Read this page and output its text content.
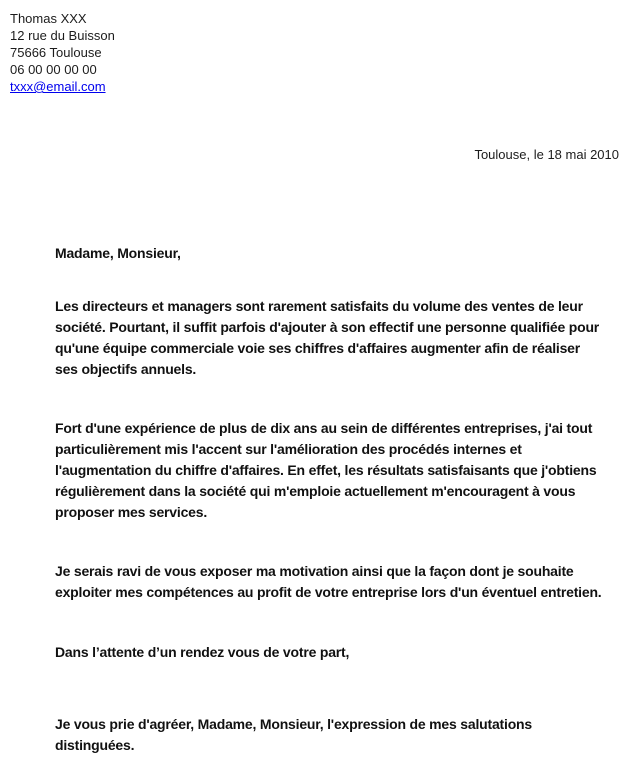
Thomas XXX
12 rue du Buisson
75666 Toulouse
06 00 00 00 00
txxx@email.com
Toulouse, le 18 mai 2010

Madame, Monsieur,

Les directeurs et managers sont rarement satisfaits du volume des ventes de leur société. Pourtant, il suffit parfois d'ajouter à son effectif une personne qualifiée pour qu'une équipe commerciale voie ses chiffres d'affaires augmenter afin de réaliser ses objectifs annuels.

Fort d'une expérience de plus de dix ans au sein de différentes entreprises, j'ai tout particulièrement mis l'accent sur l'amélioration des procédés internes et l'augmentation du chiffre d'affaires. En effet, les résultats satisfaisants que j'obtiens régulièrement dans la société qui m'emploie actuellement m'encouragent à vous proposer mes services.

Je serais ravi de vous exposer ma motivation ainsi que la façon dont je souhaite exploiter mes compétences au profit de votre entreprise lors d'un éventuel entretien.

Dans l’attente d’un rendez vous de votre part,

Je vous prie d'agréer, Madame, Monsieur, l'expression de mes salutations distinguées.
